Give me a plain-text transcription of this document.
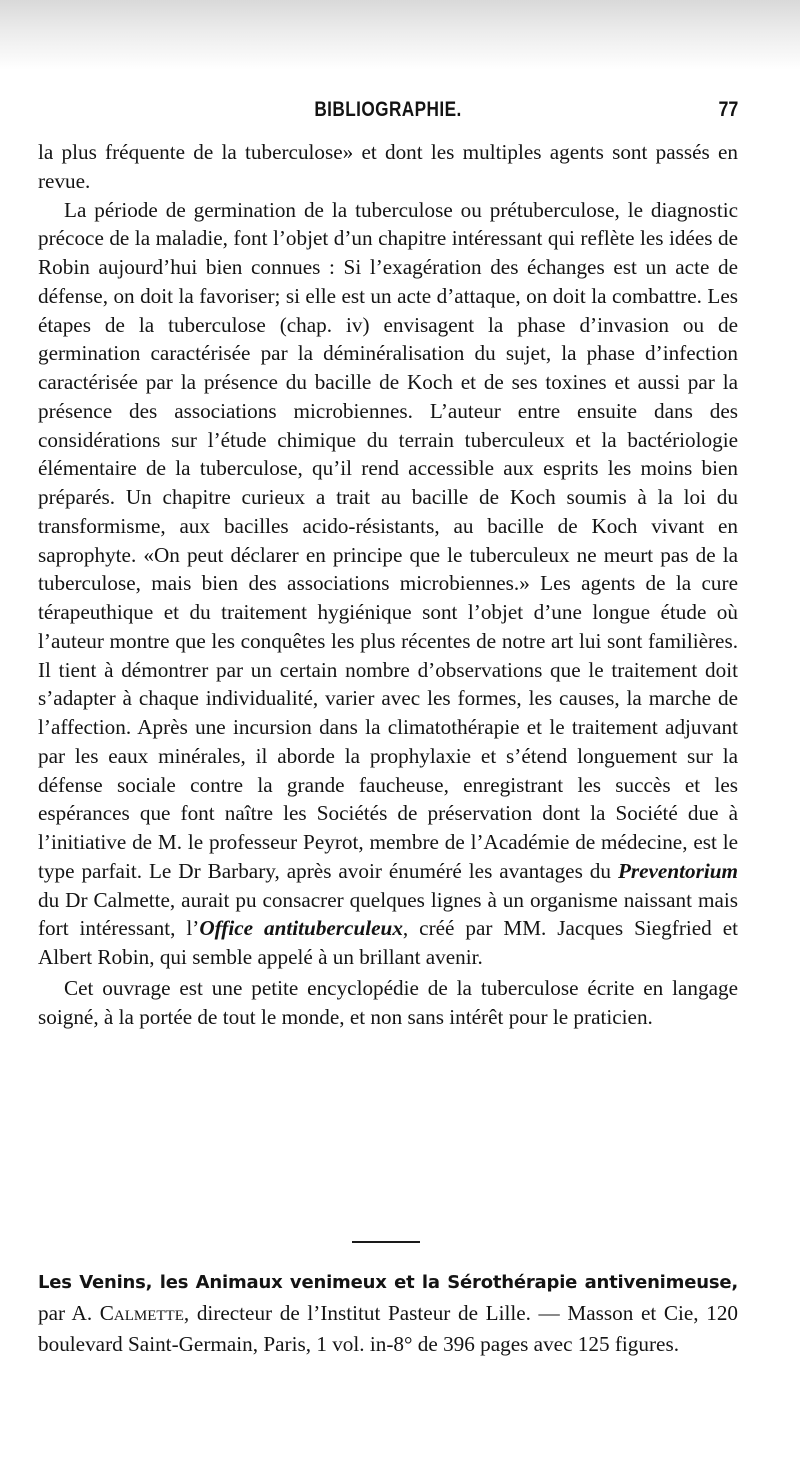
BIBLIOGRAPHIE.	77

la plus fréquente de la tuberculose» et dont les multiples agents sont passés en revue.

La période de germination de la tuberculose ou prétuberculose, le diagnostic précoce de la maladie, font l’objet d’un chapitre intéressant qui reflète les idées de Robin aujourd’hui bien connues : Si l’exagération des échanges est un acte de défense, on doit la favoriser; si elle est un acte d’attaque, on doit la combattre. Les étapes de la tuberculose (chap. iv) envisagent la phase d’invasion ou de germination caractérisée par la déminéralisation du sujet, la phase d’infection caractérisée par la présence du bacille de Koch et de ses toxines et aussi par la présence des associations microbiennes. L’auteur entre ensuite dans des considérations sur l’étude chimique du terrain tuberculeux et la bactériologie élémentaire de la tuberculose, qu’il rend accessible aux esprits les moins bien préparés. Un chapitre curieux a trait au bacille de Koch soumis à la loi du transformisme, aux bacilles acido-résistants, au bacille de Koch vivant en saprophyte. «On peut déclarer en principe que le tuberculeux ne meurt pas de la tuberculose, mais bien des associations microbiennes.» Les agents de la cure térapeuthique et du traitement hygiénique sont l’objet d’une longue étude où l’auteur montre que les conquêtes les plus récentes de notre art lui sont familières. Il tient à démontrer par un certain nombre d’observations que le traitement doit s’adapter à chaque individualité, varier avec les formes, les causes, la marche de l’affection. Après une incursion dans la climatothérapie et le traitement adjuvant par les eaux minérales, il aborde la prophylaxie et s’étend longuement sur la défense sociale contre la grande faucheuse, enregistrant les succès et les espérances que font naître les Sociétés de préservation dont la Société due à l’initiative de M. le professeur Peyrot, membre de l’Académie de médecine, est le type parfait. Le Dr Barbary, après avoir énuméré les avantages du Preventorium du Dr Calmette, aurait pu consacrer quelques lignes à un organisme naissant mais fort intéressant, l’Office antituberculeux, créé par MM. Jacques Siegfried et Albert Robin, qui semble appelé à un brillant avenir.

Cet ouvrage est une petite encyclopédie de la tuberculose écrite en langage soigné, à la portée de tout le monde, et non sans intérêt pour le praticien.

Les Venins, les Animaux venimeux et la Sérothérapie antivenimeuse, par A. Calmette, directeur de l’Institut Pasteur de Lille. — Masson et Cie, 120 boulevard Saint-Germain, Paris, 1 vol. in-8° de 396 pages avec 125 figures.
